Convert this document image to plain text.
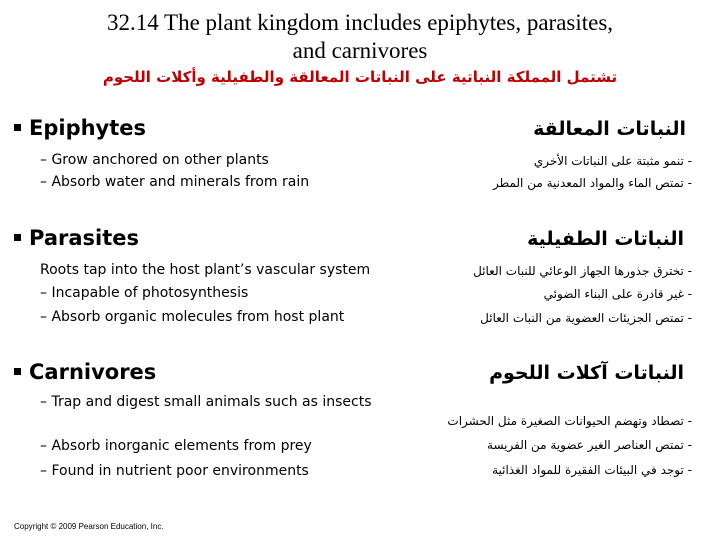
32.14 The plant kingdom includes epiphytes, parasites,
and carnivores
تشتمل المملكة النباتية على النباتات المعالقة والطفيلية وأكلات اللحوم
Epiphytes
– Grow anchored on other plants
– Absorb water and minerals from rain
النباتات المعالقة
- تنمو مثبتة على النباتات الأخري
- تمتص الماء والمواد المعدنية من المطر
Parasites
Roots tap into the host plant’s vascular system
– Incapable of photosynthesis
– Absorb organic molecules from host plant
النباتات الطفيلية
- تخترق جذورها الجهاز الوعائي للنبات العائل
- غير قادرة على البناء الضوئي
- تمتص الجزيئات العضوية من النبات العائل
Carnivores
– Trap and digest small animals such as insects
– Absorb inorganic elements from prey
– Found in nutrient poor environments
النباتات آكلات اللحوم
- تصطاد وتهضم الحيوانات الصغيرة مثل الحشرات
- تمتص العناصر الغير عضوية من الفريسة
- توجد في البيئات الفقيرة للمواد الغذائية
Copyright © 2009 Pearson Education, Inc.
